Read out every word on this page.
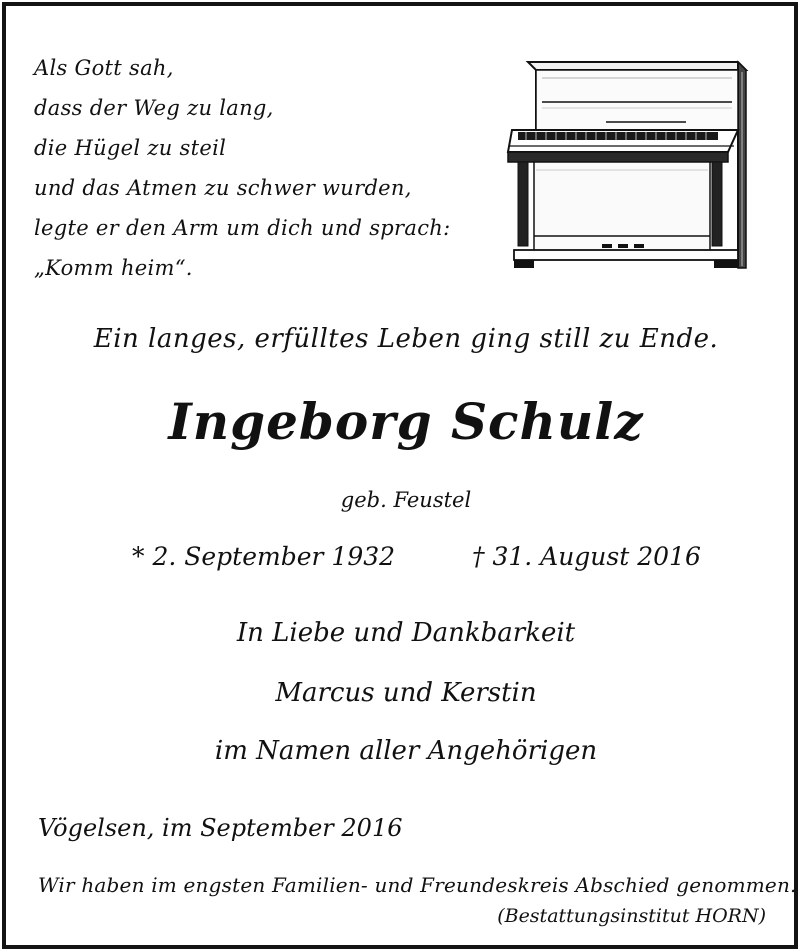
Als Gott sah,
dass der Weg zu lang,
die Hügel zu steil
und das Atmen zu schwer wurden,
legte er den Arm um dich und sprach:
„Komm heim“.
Ein langes, erfülltes Leben ging still zu Ende.
Ingeborg Schulz
geb. Feustel
* 2. September 1932	† 31. August 2016
In Liebe und Dankbarkeit
Marcus und Kerstin
im Namen aller Angehörigen
Vögelsen, im September 2016
Wir haben im engsten Familien- und Freundeskreis Abschied genommen.
(Bestattungsinstitut HORN)
